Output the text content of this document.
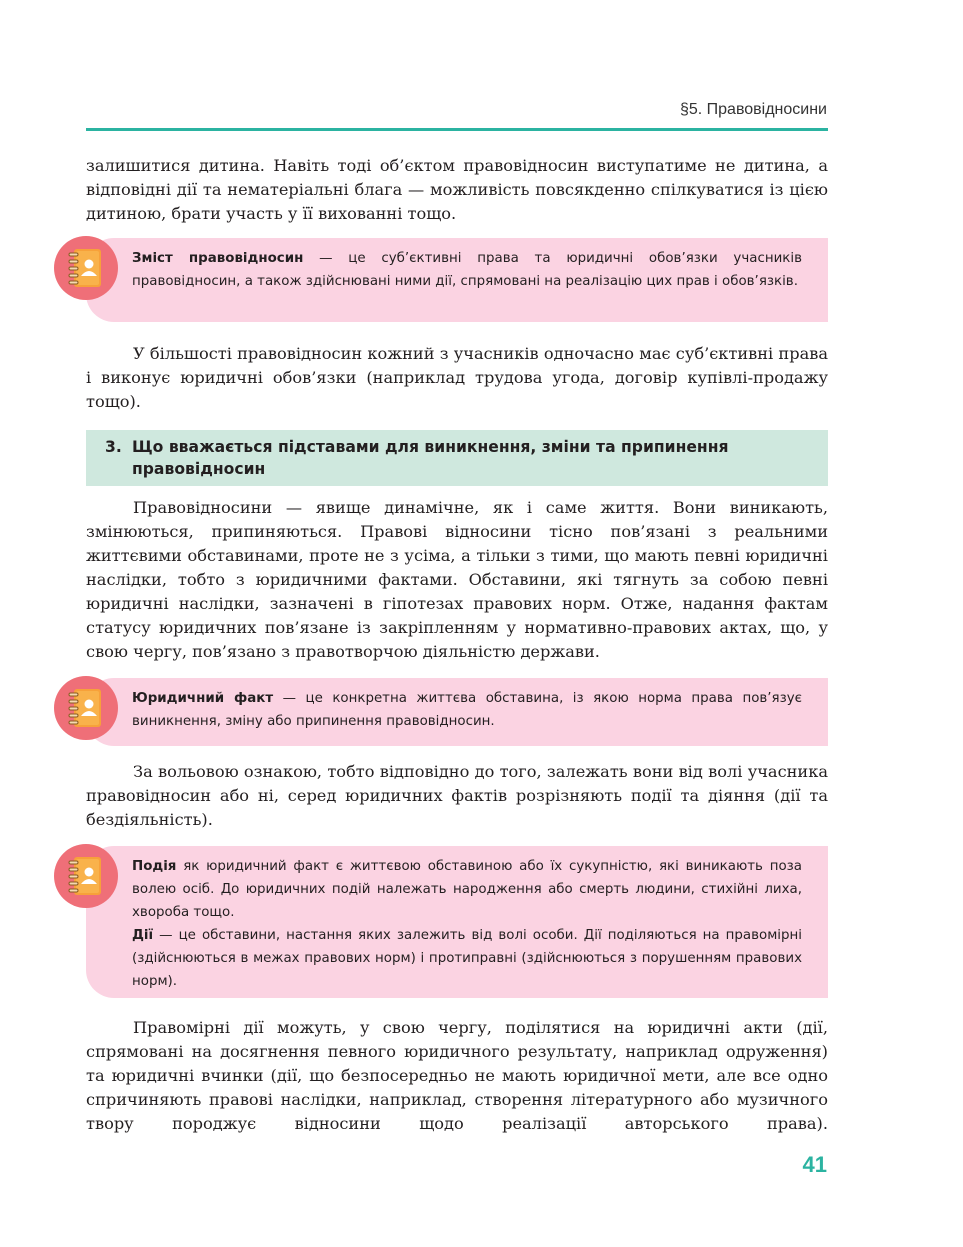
§5. Правовідносини

залишитися дитина. Навіть тоді об’єктом правовідносин виступатиме не дитина, а відповідні дії та нематеріальні блага — можливість повсякденно спілкуватися із цією дитиною, брати участь у її вихованні тощо.

Зміст правовідносин — це суб’єктивні права та юридичні обов’язки учасників правовідносин, а також здійснювані ними дії, спрямовані на реалізацію цих прав і обов’язків.

У більшості правовідносин кожний з учасників одночасно має суб’єктивні права і виконує юридичні обов’язки (наприклад трудова угода, договір купівлі-продажу тощо).

3. Що вважається підставами для виникнення, зміни та припинення правовідносин

Правовідносини — явище динамічне, як і саме життя. Вони виникають, змінюються, припиняються. Правові відносини тісно пов’язані з реальними життєвими обставинами, проте не з усіма, а тільки з тими, що мають певні юридичні наслідки, тобто з юридичними фактами. Обставини, які тягнуть за собою певні юридичні наслідки, зазначені в гіпотезах правових норм. Отже, надання фактам статусу юридичних пов’язане із закріпленням у нормативно-правових актах, що, у свою чергу, пов’язано з правотворчою діяльністю держави.

Юридичний факт — це конкретна життєва обставина, із якою норма права пов’язує виникнення, зміну або припинення правовідносин.

За вольовою ознакою, тобто відповідно до того, залежать вони від волі учасника правовідносин або ні, серед юридичних фактів розрізняють події та діяння (дії та бездіяльність).

Подія як юридичний факт є життєвою обставиною або їх сукупністю, які виникають поза волею осіб. До юридичних подій належать народження або смерть людини, стихійні лиха, хвороба тощо.
Дії — це обставини, настання яких залежить від волі особи. Дії поділяються на правомірні (здійснюються в межах правових норм) і протиправні (здійснюються з порушенням правових норм).

Правомірні дії можуть, у свою чергу, поділятися на юридичні акти (дії, спрямовані на досягнення певного юридичного результату, наприклад одруження) та юридичні вчинки (дії, що безпосередньо не мають юридичної мети, але все одно спричиняють правові наслідки, наприклад, створення літературного або музичного твору породжує відносини щодо реалізації авторського права).

41
